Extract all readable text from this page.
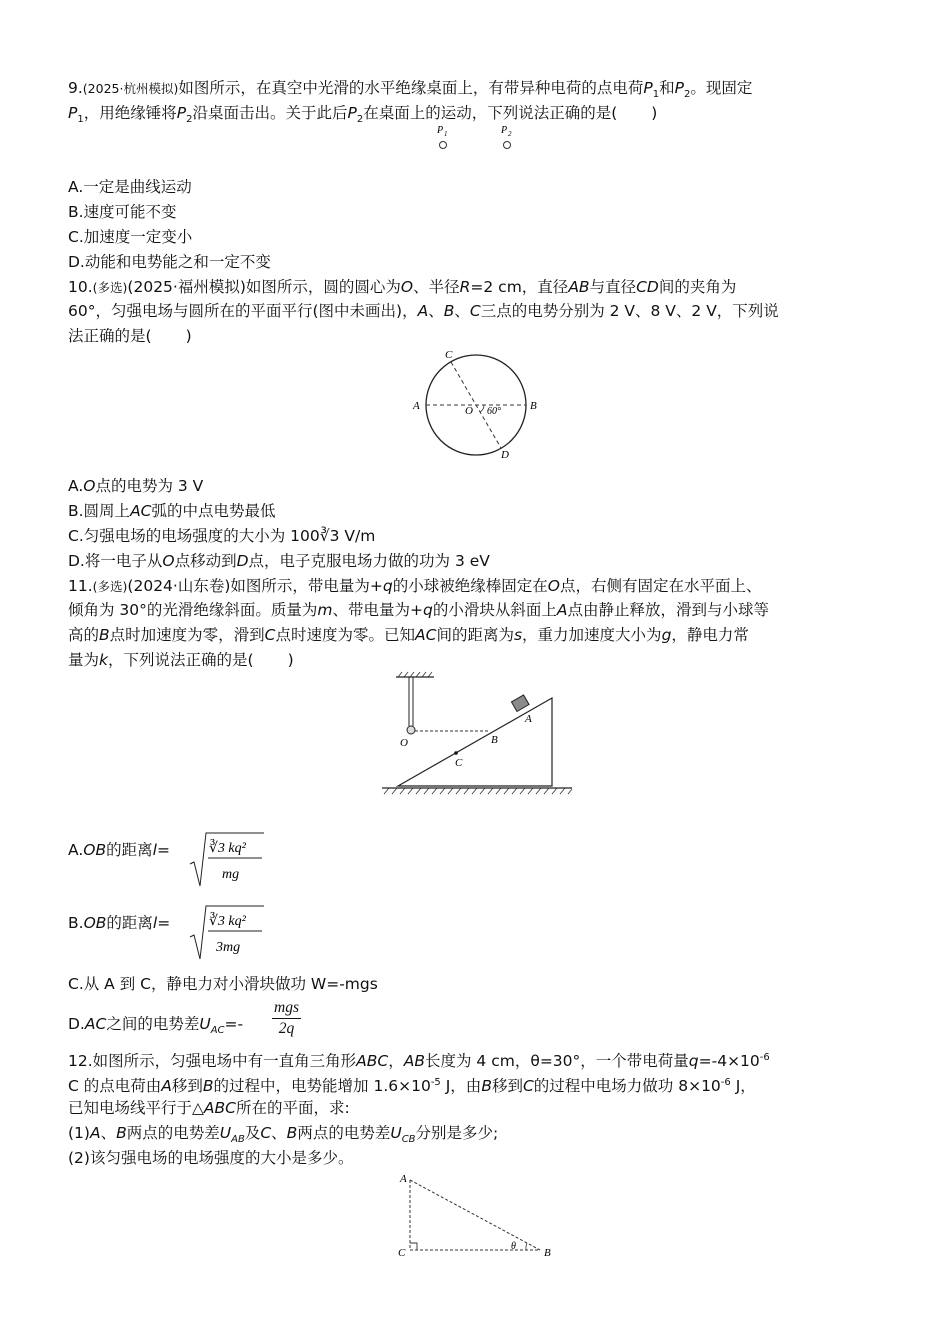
9.(2025·杭州模拟)如图所示，在真空中光滑的水平绝缘桌面上，有带异种电荷的点电荷$P_1$和$P_2$。现固定
$P_1$，用绝缘锤将$P_2$沿桌面击出。关于此后$P_2$在桌面上的运动，下列说法正确的是( )
P 1	P 2
A.一定是曲线运动
B.速度可能不变
C.加速度一定变小
D.动能和电势能之和一定不变
10.(多选)(2025·福州模拟)如图所示，圆的圆心为O、半径R=2 cm，直径AB与直径CD间的夹角为
60°，匀强电场与圆所在的平面平行(图中未画出)，A、B、C三点的电势分别为 2 V、8 V、2 V，下列说
法正确的是( )
C
A	O 60°	B
D
A.O点的电势为 3 V
B.圆周上AC弧的中点电势最低
C.匀强电场的电场强度的大小为 100∛3 V/m
D.将一电子从O点移动到D点，电子克服电场力做的功为 3 eV
11.(多选)(2024·山东卷)如图所示，带电量为+q的小球被绝缘棒固定在O点，右侧有固定在水平面上、
倾角为 30°的光滑绝缘斜面。质量为m、带电量为+q的小滑块从斜面上A点由静止释放，滑到与小球等
高的B点时加速度为零，滑到C点时速度为零。已知AC间的距离为s，重力加速度大小为g，静电力常
量为k，下列说法正确的是( )
A
B
C
O
A.OB的距离l=	∛3 kq²
mg
B.OB的距离l=	∛3 kq²
3mg
C.从 A 到 C，静电力对小滑块做功 W=-mgs
D.AC之间的电势差$U_{AC}=-$
mgs
2q
12.如图所示，匀强电场中有一直角三角形ABC，AB长度为 4 cm，θ=30°，一个带电荷量$q=-4\times 10^{-6}$
C 的点电荷由A移到B的过程中，电势能增加 $1.6\times 10^{-5}$ J，由B移到C的过程中电场力做功 $8\times 10^{-6}$ J，
已知电场线平行于△ABC所在的平面，求:
(1)A、B两点的电势差$U_{AB}$及C、B两点的电势差$U_{CB}$分别是多少;
(2)该匀强电场的电场强度的大小是多少。
A
C	B
θ
